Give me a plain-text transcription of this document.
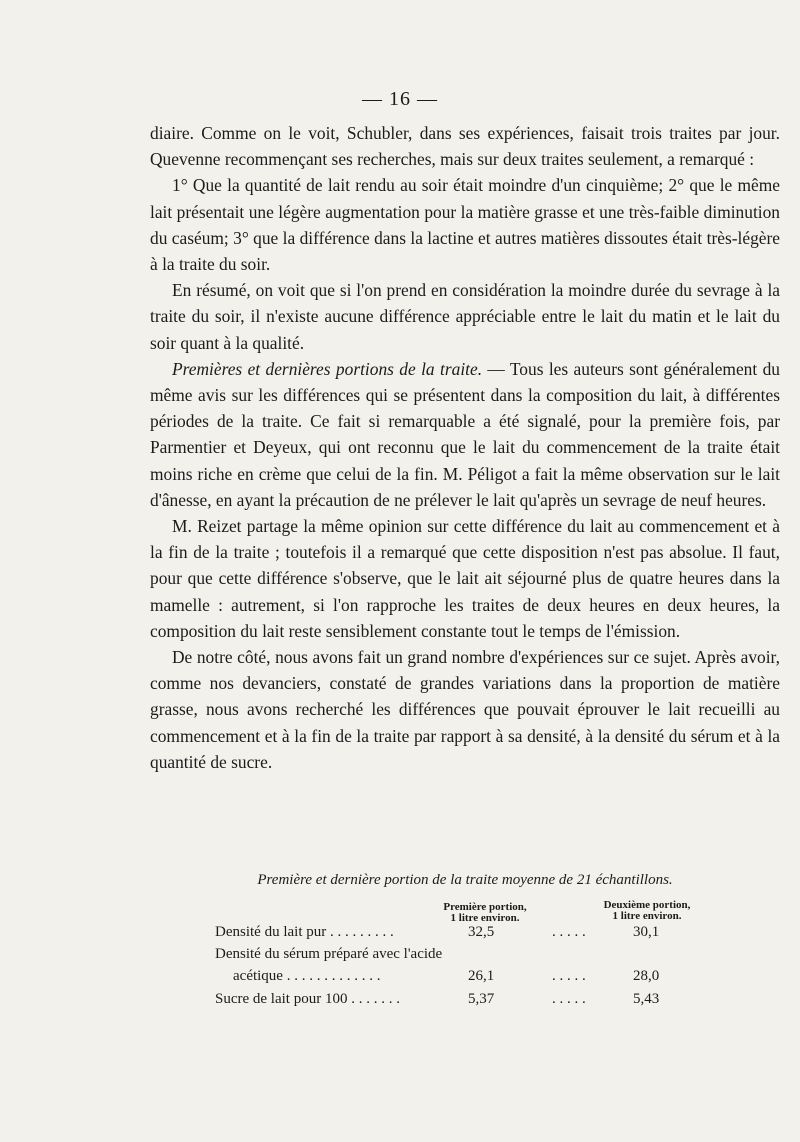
— 16 —

diaire. Comme on le voit, Schubler, dans ses expériences, faisait trois traites par jour. Quevenne recommençant ses recherches, mais sur deux traites seulement, a remarqué :

1° Que la quantité de lait rendu au soir était moindre d'un cinquième; 2° que le même lait présentait une légère augmentation pour la matière grasse et une très-faible diminution du caséum; 3° que la différence dans la lactine et autres matières dissoutes était très-légère à la traite du soir.

En résumé, on voit que si l'on prend en considération la moindre durée du sevrage à la traite du soir, il n'existe aucune différence appréciable entre le lait du matin et le lait du soir quant à la qualité.

Premières et dernières portions de la traite. — Tous les auteurs sont généralement du même avis sur les différences qui se présentent dans la composition du lait, à différentes périodes de la traite. Ce fait si remarquable a été signalé, pour la première fois, par Parmentier et Deyeux, qui ont reconnu que le lait du commencement de la traite était moins riche en crème que celui de la fin. M. Péligot a fait la même observation sur le lait d'ânesse, en ayant la précaution de ne prélever le lait qu'après un sevrage de neuf heures.

M. Reizet partage la même opinion sur cette différence du lait au commencement et à la fin de la traite ; toutefois il a remarqué que cette disposition n'est pas absolue. Il faut, pour que cette différence s'observe, que le lait ait séjourné plus de quatre heures dans la mamelle : autrement, si l'on rapproche les traites de deux heures en deux heures, la composition du lait reste sensiblement constante tout le temps de l'émission.

De notre côté, nous avons fait un grand nombre d'expériences sur ce sujet. Après avoir, comme nos devanciers, constaté de grandes variations dans la proportion de matière grasse, nous avons recherché les différences que pouvait éprouver le lait recueilli au commencement et à la fin de la traite par rapport à sa densité, à la densité du sérum et à la quantité de sucre.

Première et dernière portion de la traite moyenne de 21 échantillons.
Première portion,
1 litre environ.
Deuxième portion,
1 litre environ.
Densité du lait pur . . . . . . . . .	32,5	. . . . .	30,1
Densité du sérum préparé avec l'acide
acétique . . . . . . . . . . . . .	26,1	. . . . .	28,0
Sucre de lait pour 100 . . . . . . .	5,37	. . . . .	5,43
